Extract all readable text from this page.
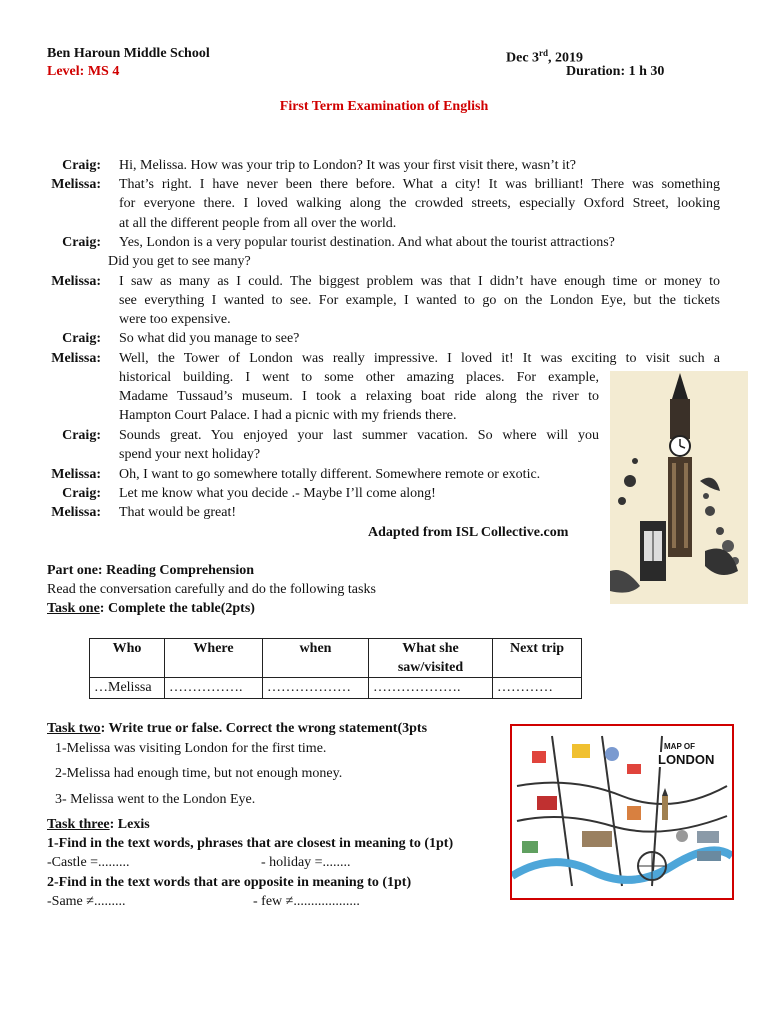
Ben Haroun Middle School	Dec 3rd, 2019
Level: MS 4	Duration: 1 h 30
First Term Examination of English
Craig: Hi, Melissa. How was your trip to London? It was your first visit there, wasn’t it?
Melissa: That’s right. I have never been there before. What a city! It was brilliant! There was something
for everyone there. I loved walking along the crowded streets, especially Oxford Street, looking
at all the different people from all over the world.
Craig: Yes, London is a very popular tourist destination. And what about the tourist attractions?
Did you get to see many?
Melissa: I saw as many as I could. The biggest problem was that I didn’t have enough time or money to
see everything I wanted to see. For example, I wanted to go on the London Eye, but the tickets
were too expensive.
Craig: So what did you manage to see?
Melissa: Well, the Tower of London was really impressive. I loved it! It was exciting to visit such a
historical building. I went to some other amazing places. For example,
Madame Tussaud’s museum. I took a relaxing boat ride along the river to
Hampton Court Palace. I had a picnic with my friends there.
Craig: Sounds great. You enjoyed your last summer vacation. So where will you
spend your next holiday?
Melissa: Oh, I want to go somewhere totally different. Somewhere remote or exotic.
Craig: Let me know what you decide .- Maybe I’ll come along!
Melissa: That would be great!
Adapted from ISL Collective.com
Part one: Reading Comprehension
Read the conversation carefully and do the following tasks
Task one: Complete the table(2pts)
Who	Where	when	What she saw/visited	Next trip
…Melissa	…………….	………………	……………….	…………
Task two: Write true or false. Correct the wrong statement(3pts
1-Melissa was visiting London for the first time.
2-Melissa had enough time, but not enough money.
3- Melissa went to the London Eye.
Task three: Lexis
1-Find in the text words, phrases that are closest in meaning to (1pt)
-Castle =.........	- holiday =........
2-Find in the text words that are opposite in meaning to (1pt)
-Same ≠.........	- few ≠...................
MAP OF
LONDON
